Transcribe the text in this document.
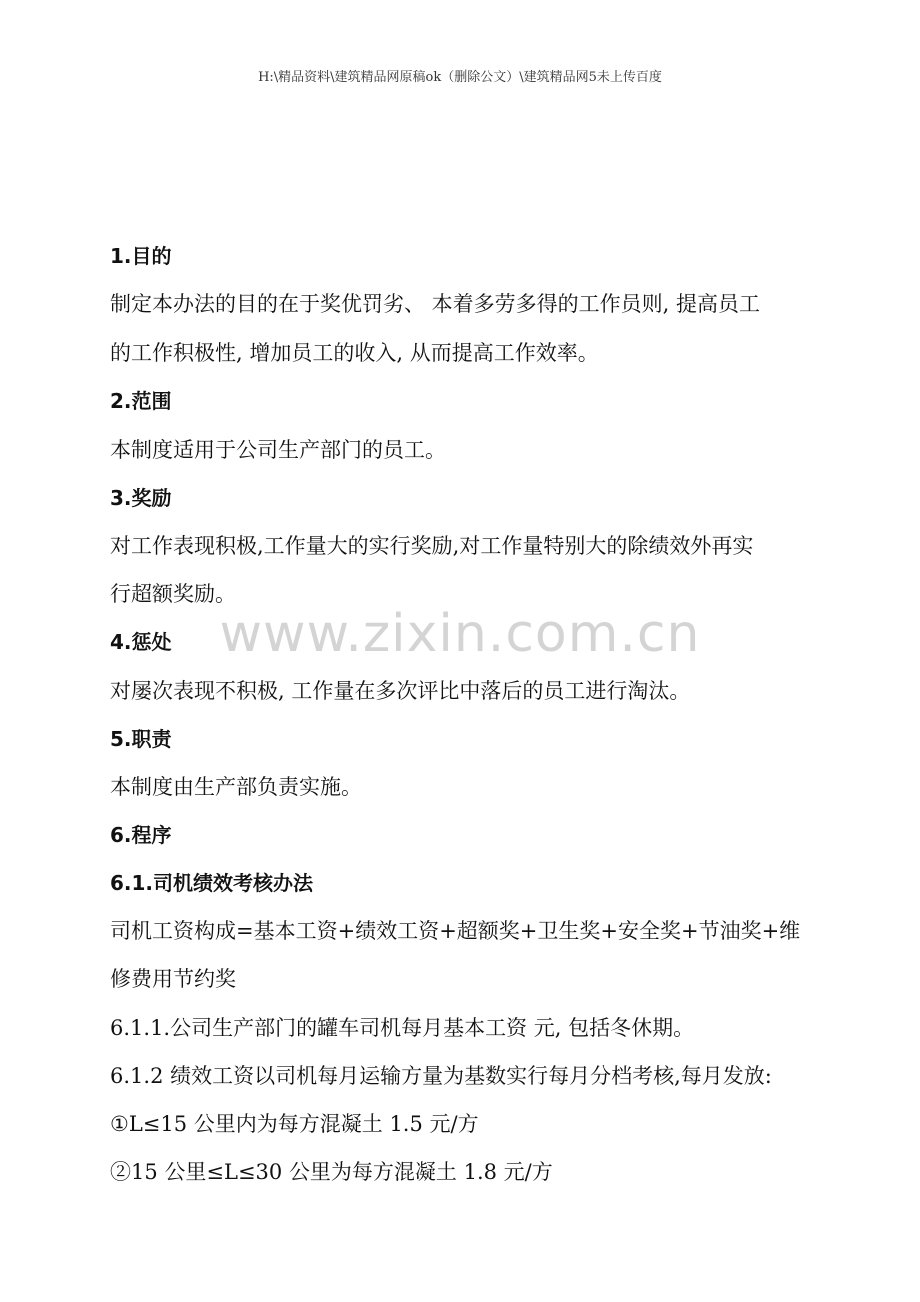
H:\精品资料\建筑精品网原稿ok（删除公文）\建筑精品网5未上传百度
www.zixin.com.cn
1.目的
制定本办法的目的在于奖优罚劣、 本着多劳多得的工作员则, 提高员工
的工作积极性, 增加员工的收入, 从而提高工作效率。
2.范围
本制度适用于公司生产部门的员工。
3.奖励
对工作表现积极,工作量大的实行奖励,对工作量特别大的除绩效外再实
行超额奖励。
4.惩处
对屡次表现不积极, 工作量在多次评比中落后的员工进行淘汰。
5.职责
本制度由生产部负责实施。
6.程序
6.1.司机绩效考核办法
司机工资构成=基本工资+绩效工资+超额奖+卫生奖+安全奖+节油奖+维
修费用节约奖
6.1.1.公司生产部门的罐车司机每月基本工资 元, 包括冬休期。
6.1.2 绩效工资以司机每月运输方量为基数实行每月分档考核,每月发放:
①L≤15 公里内为每方混凝土 1.5 元/方
②15 公里≤L≤30 公里为每方混凝土 1.8 元/方
